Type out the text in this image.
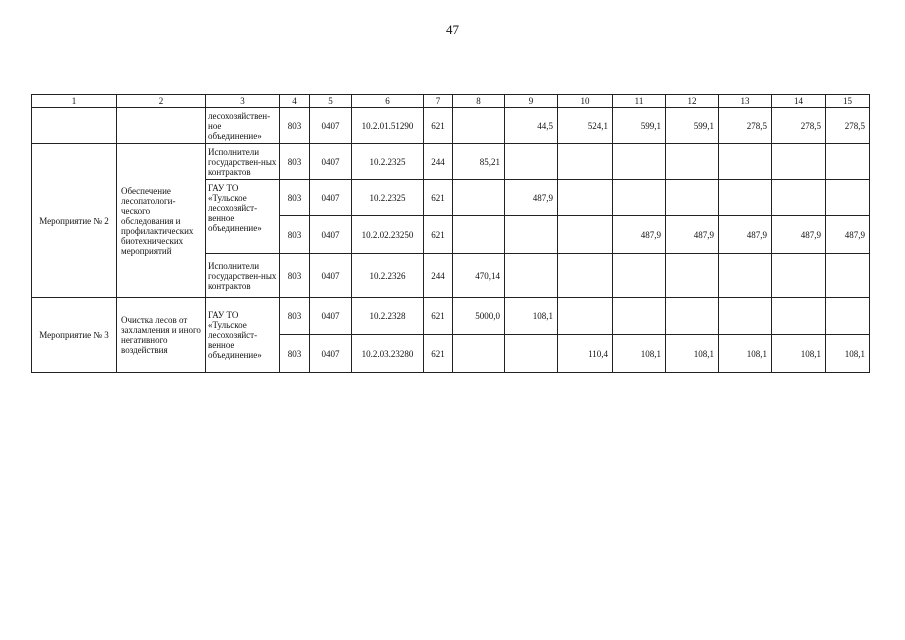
47
1	2	3	4	5	6	7	8	9	10	11	12	13	14	15
		лесохозяйствен-ное объединение»	803	0407	10.2.01.51290	621		44,5	524,1	599,1	599,1	278,5	278,5	278,5
Мероприятие № 2	Обеспечение лесопатологи-ческого обследования и профилактических биотехнических мероприятий	Исполнители государствен-ных контрактов	803	0407	10.2.2325	244	85,21							
		ГАУ ТО «Тульское лесохозяйст-венное объединение»	803	0407	10.2.2325	621		487,9						
			803	0407	10.2.02.23250	621				487,9	487,9	487,9	487,9	487,9
		Исполнители государствен-ных контрактов	803	0407	10.2.2326	244	470,14							
Мероприятие № 3	Очистка лесов от захламления и иного негативного воздействия	ГАУ ТО «Тульское лесохозяйст-венное объединение»	803	0407	10.2.2328	621	5000,0	108,1						
			803	0407	10.2.03.23280	621			110,4	108,1	108,1	108,1	108,1	108,1
